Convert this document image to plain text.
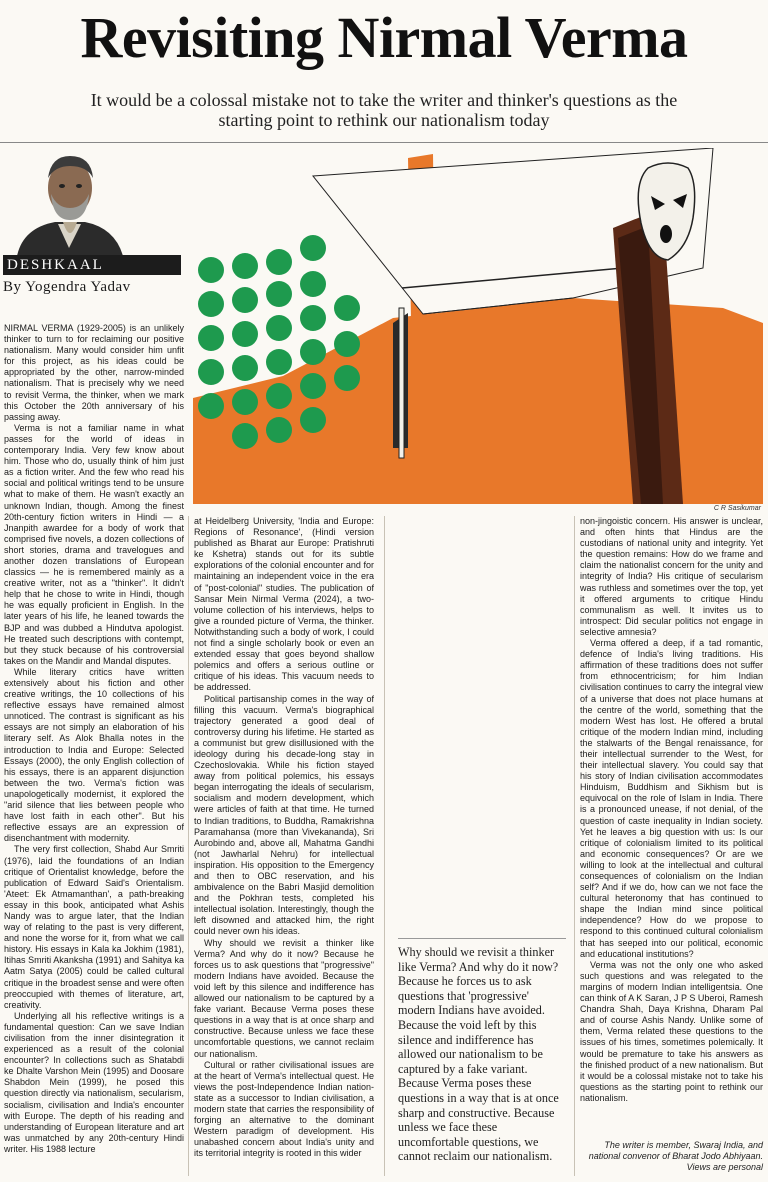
Revisiting Nirmal Verma

It would be a colossal mistake not to take the writer and thinker's questions as the starting point to rethink our nationalism today

DESHKAAL
By Yogendra Yadav
C R Sasikumar

NIRMAL VERMA (1929-2005) is an unlikely thinker to turn to for reclaiming our positive nationalism. Many would consider him unfit for this project, as his ideas could be appropriated by the other, narrow-minded nationalism. That is precisely why we need to revisit Verma, the thinker, when we mark this October the 20th anniversary of his passing away.

Verma is not a familiar name in what passes for the world of ideas in contemporary India. Very few know about him. Those who do, usually think of him just as a fiction writer. And the few who read his social and political writings tend to be unsure what to make of them. He wasn't exactly an unknown Indian, though. Among the finest 20th-century fiction writers in Hindi — a Jnanpith awardee for a body of work that comprised five novels, a dozen collections of short stories, drama and travelogues and another dozen translations of European classics — he is remembered mainly as a creative writer, not as a "thinker". It didn't help that he chose to write in Hindi, though he was equally proficient in English. In the later years of his life, he leaned towards the BJP and was dubbed a Hindutva apologist. He treated such descriptions with contempt, but they stuck because of his controversial takes on the Mandir and Mandal disputes.

While literary critics have written extensively about his fiction and other creative writings, the 10 collections of his reflective essays have remained almost unnoticed. The contrast is significant as his essays are not simply an elaboration of his literary self. As Alok Bhalla notes in the introduction to India and Europe: Selected Essays (2000), the only English collection of his essays, there is an apparent disjunction between the two. Verma's fiction was unapologetically modernist, it explored the "arid silence that lies between people who have lost faith in each other". But his reflective essays are an expression of disenchantment with modernity.

The very first collection, Shabd Aur Smriti (1976), laid the foundations of an Indian critique of Orientalist knowledge, before the publication of Edward Said's Orientalism. 'Ateet: Ek Atmamanthan', a path-breaking essay in this book, anticipated what Ashis Nandy was to argue later, that the Indian way of relating to the past is very different, and none the worse for it, from what we call history. His essays in Kala ka Jokhim (1981), Itihas Smriti Akanksha (1991) and Sahitya ka Aatm Satya (2005) could be called cultural critique in the broadest sense and were often preoccupied with themes of literature, art, creativity.

Underlying all his reflective writings is a fundamental question: Can we save Indian civilisation from the inner disintegration it experienced as a result of the colonial encounter? In collections such as Shatabdi ke Dhalte Varshon Mein (1995) and Doosare Shabdon Mein (1999), he posed this question directly via nationalism, secularism, socialism, civilisation and India's encounter with Europe. The depth of his reading and understanding of European literature and art was unmatched by any 20th-century Hindi writer. His 1988 lecture

at Heidelberg University, 'India and Europe: Regions of Resonance', (Hindi version published as Bharat aur Europe: Pratishruti ke Kshetra) stands out for its subtle explorations of the colonial encounter and for maintaining an independent voice in the era of "post-colonial" studies. The publication of Sansar Mein Nirmal Verma (2024), a two-volume collection of his interviews, helps to give a rounded picture of Verma, the thinker. Notwithstanding such a body of work, I could not find a single scholarly book or even an extended essay that goes beyond shallow polemics and offers a serious outline or critique of his ideas. This vacuum needs to be addressed.

Political partisanship comes in the way of filling this vacuum. Verma's biographical trajectory generated a good deal of controversy during his lifetime. He started as a communist but grew disillusioned with the ideology during his decade-long stay in Czechoslovakia. While his fiction stayed away from political polemics, his essays began interrogating the ideals of secularism, socialism and modern development, which were articles of faith at that time. He turned to Indian traditions, to Buddha, Ramakrishna Paramahansa (more than Vivekananda), Sri Aurobindo and, above all, Mahatma Gandhi (not Jawharlal Nehru) for intellectual inspiration. His opposition to the Emergency and then to OBC reservation, and his ambivalence on the Babri Masjid demolition and the Pokhran tests, completed his intellectual isolation. Interestingly, though the left disowned and attacked him, the right could never own his ideas.

Why should we revisit a thinker like Verma? And why do it now? Because he forces us to ask questions that "progressive" modern Indians have avoided. Because the void left by this silence and indifference has allowed our nationalism to be captured by a fake variant. Because Verma poses these questions in a way that is at once sharp and constructive. Because unless we face these uncomfortable questions, we cannot reclaim our nationalism.

Cultural or rather civilisational issues are at the heart of Verma's intellectual quest. He views the post-Independence Indian nation-state as a successor to Indian civilisation, a modern state that carries the responsibility of forging an alternative to the dominant Western paradigm of development. His unabashed concern about India's unity and its territorial integrity is rooted in this wider

Why should we revisit a thinker like Verma? And why do it now? Because he forces us to ask questions that 'progressive' modern Indians have avoided. Because the void left by this silence and indifference has allowed our nationalism to be captured by a fake variant. Because Verma poses these questions in a way that is at once sharp and constructive. Because unless we face these uncomfortable questions, we cannot reclaim our nationalism.

non-jingoistic concern. His answer is unclear, and often hints that Hindus are the custodians of national unity and integrity. Yet the question remains: How do we frame and claim the nationalist concern for the unity and integrity of India? His critique of secularism was ruthless and sometimes over the top, yet it offered arguments to critique Hindu communalism as well. It invites us to introspect: Did secular politics not engage in selective amnesia?

Verma offered a deep, if a tad romantic, defence of India's living traditions. His affirmation of these traditions does not suffer from ethnocentricism; for him Indian civilisation continues to carry the integral view of a universe that does not place humans at the centre of the world, something that the modern West has lost. He offered a brutal critique of the modern Indian mind, including the stalwarts of the Bengal renaissance, for their intellectual surrender to the West, for their intellectual slavery. You could say that his story of Indian civilisation accommodates Hinduism, Buddhism and Sikhism but is equivocal on the role of Islam in India. There is a pronounced unease, if not denial, of the question of caste inequality in Indian society. Yet he leaves a big question with us: Is our critique of colonialism limited to its political and economic consequences? Or are we willing to look at the intellectual and cultural consequences of colonialism on the Indian self? And if we do, how can we not face the cultural heteronomy that has continued to shape the Indian mind since political independence? How do we propose to respond to this continued cultural colonialism that has seeped into our political, economic and educational institutions?

Verma was not the only one who asked such questions and was relegated to the margins of modern Indian intelligentsia. One can think of A K Saran, J P S Uberoi, Ramesh Chandra Shah, Daya Krishna, Dharam Pal and of course Ashis Nandy. Unlike some of them, Verma related these questions to the issues of his times, sometimes polemically. It would be premature to take his answers as the finished product of a new nationalism. But it would be a colossal mistake not to take his questions as the starting point to rethink our nationalism.

The writer is member, Swaraj India, and national convenor of Bharat Jodo Abhiyaan. Views are personal
